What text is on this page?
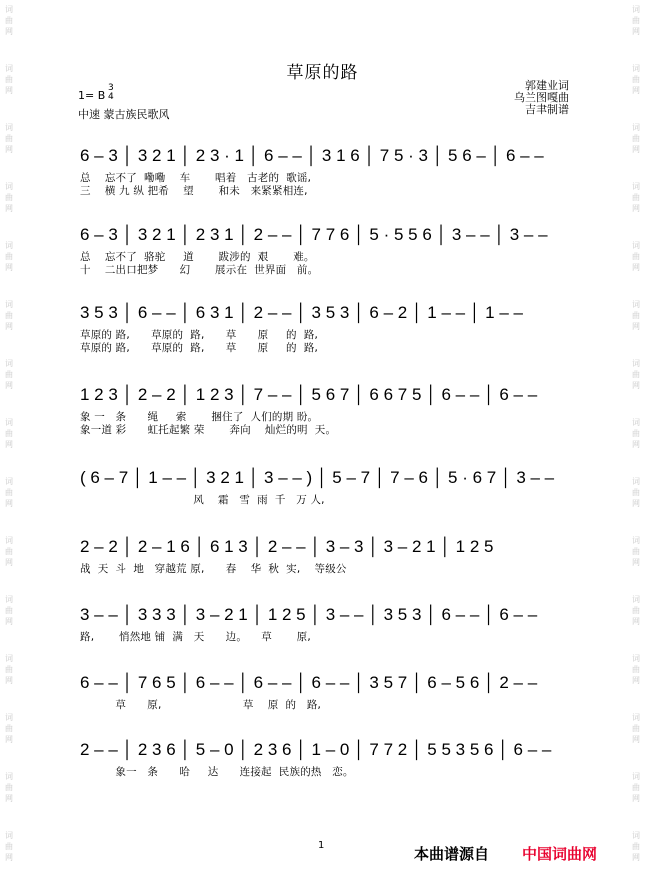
词
曲
网
词
曲
网
词
曲
网
词
曲
网
词
曲
网
词
曲
网
词
曲
网
词
曲
网
词
曲
网
词
曲
网
词
曲
网
词
曲
网
词
曲
网
词
曲
网
词
曲
网
词
曲
网
词
曲
网
词
曲
网
词
曲
网
词
曲
网
词
曲
网
词
曲
网
词
曲
网
词
曲
网
词
曲
网
词
曲
网
词
曲
网
词
曲
网
词
曲
网
词
曲
网
草原的路
1= B
3
4
中速 蒙古族民歌风
郭建业词
乌兰图嘎曲
吉聿制谱
6 – 3 │ 3 2 1 │ 2 3 · 1 │ 6 – – │ 3 1 6 │ 7 5 · 3 │ 5 6 – │ 6 – –
总    忘不了  嘞嘞    车       唱着   古老的  歌谣,
三    横 九 纵 把希    望       和未   来紧紧相连,
6 – 3 │ 3 2 1 │ 2 3 1 │ 2 – – │ 7 7 6 │ 5 · 5 5 6 │ 3 – – │ 3 – –
总    忘不了  骆驼     道       跋涉的  艰       难。
十    二出口把梦      幻       展示在  世界面   前。
3 5 3 │ 6 – – │ 6 3 1 │ 2 – – │ 3 5 3 │ 6 – 2 │ 1 – – │ 1 – –
草原的 路,      草原的  路,      草      原     的  路,
草原的 路,      草原的  路,      草      原     的  路,
1 2 3 │ 2 – 2 │ 1 2 3 │ 7 – – │ 5 6 7 │ 6 6 7 5 │ 6 – – │ 6 – –
象 一   条      绳     索       捆住了  人们的期 盼。
象一道 彩      虹托起繁 荣       奔向    灿烂的明  天。
( 6 – 7 │ 1 – – │ 3 2 1 │ 3 – – ) │ 5 – 7 │ 7 – 6 │ 5 · 6 7 │ 3 – –
风    霜   雪  雨  千   万 人,
2 – 2 │ 2 – 1 6 │ 6 1 3 │ 2 – – │ 3 – 3 │ 3 – 2 1 │ 1 2 5
战  天  斗  地   穿越荒 原,      春    华  秋  实,    等级公
3 – – │ 3 3 3 │ 3 – 2 1 │ 1 2 5 │ 3 – – │ 3 5 3 │ 6 – – │ 6 – –
路,       悄然地 铺  满   天      边。    草       原,
6 – – │ 7 6 5 │ 6 – – │ 6 – – │ 6 – – │ 3 5 7 │ 6 – 5 6 │ 2 – –
草      原,                       草    原  的   路,
2 – – │ 2 3 6 │ 5 – 0 │ 2 3 6 │ 1 – 0 │ 7 7 2 │ 5 5 3 5 6 │ 6 – –
象一   条      哈     达      连接起  民族的热   恋。
1	本曲谱源自 中国词曲网
